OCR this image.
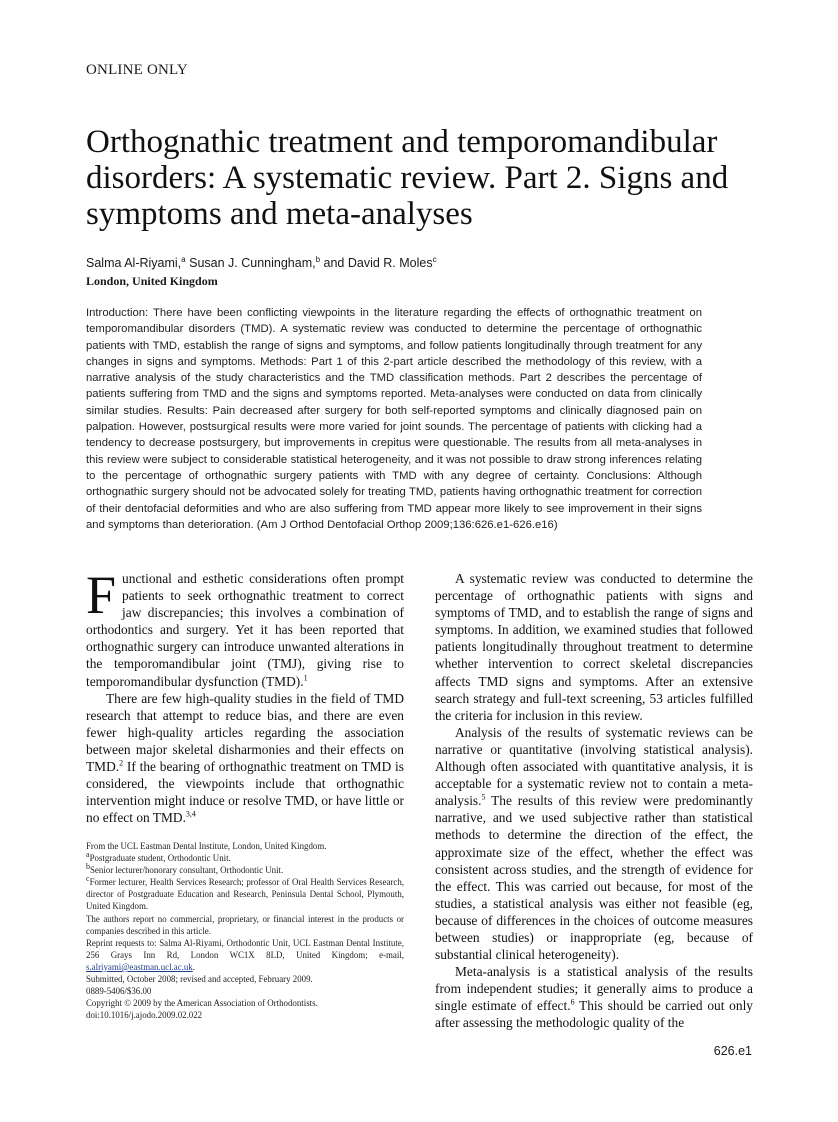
ONLINE ONLY
Orthognathic treatment and temporomandibular disorders: A systematic review. Part 2. Signs and symptoms and meta-analyses
Salma Al-Riyami,$^a$ Susan J. Cunningham,$^b$ and David R. Moles$^c$
London, United Kingdom

Introduction: There have been conflicting viewpoints in the literature regarding the effects of orthognathic treatment on temporomandibular disorders (TMD). A systematic review was conducted to determine the percentage of orthognathic patients with TMD, establish the range of signs and symptoms, and follow patients longitudinally through treatment for any changes in signs and symptoms. Methods: Part 1 of this 2-part article described the methodology of this review, with a narrative analysis of the study characteristics and the TMD classification methods. Part 2 describes the percentage of patients suffering from TMD and the signs and symptoms reported. Meta-analyses were conducted on data from clinically similar studies. Results: Pain decreased after surgery for both self-reported symptoms and clinically diagnosed pain on palpation. However, postsurgical results were more varied for joint sounds. The percentage of patients with clicking had a tendency to decrease postsurgery, but improvements in crepitus were questionable. The results from all meta-analyses in this review were subject to considerable statistical heterogeneity, and it was not possible to draw strong inferences relating to the percentage of orthognathic surgery patients with TMD with any degree of certainty. Conclusions: Although orthognathic surgery should not be advocated solely for treating TMD, patients having orthognathic treatment for correction of their dentofacial deformities and who are also suffering from TMD appear more likely to see improvement in their signs and symptoms than deterioration. (Am J Orthod Dentofacial Orthop 2009;136:626.e1-626.e16)

Functional and esthetic considerations often prompt patients to seek orthognathic treatment to correct jaw discrepancies; this involves a combination of orthodontics and surgery. Yet it has been reported that orthognathic surgery can introduce unwanted alterations in the temporomandibular joint (TMJ), giving rise to temporomandibular dysfunction (TMD).$^1$

There are few high-quality studies in the field of TMD research that attempt to reduce bias, and there are even fewer high-quality articles regarding the association between major skeletal disharmonies and their effects on TMD.$^2$ If the bearing of orthognathic treatment on TMD is considered, the viewpoints include that orthognathic intervention might induce or resolve TMD, or have little or no effect on TMD.$^{3,4}$

From the UCL Eastman Dental Institute, London, United Kingdom.
$^a$Postgraduate student, Orthodontic Unit.
$^b$Senior lecturer/honorary consultant, Orthodontic Unit.
$^c$Former lecturer, Health Services Research; professor of Oral Health Services Research, director of Postgraduate Education and Research, Peninsula Dental School, Plymouth, United Kingdom.
The authors report no commercial, proprietary, or financial interest in the products or companies described in this article.
Reprint requests to: Salma Al-Riyami, Orthodontic Unit, UCL Eastman Dental Institute, 256 Grays Inn Rd, London WC1X 8LD, United Kingdom; e-mail, s.alriyami@eastman.ucl.ac.uk.
Submitted, October 2008; revised and accepted, February 2009.
0889-5406/$36.00
Copyright © 2009 by the American Association of Orthodontists.
doi:10.1016/j.ajodo.2009.02.022

A systematic review was conducted to determine the percentage of orthognathic patients with signs and symptoms of TMD, and to establish the range of signs and symptoms. In addition, we examined studies that followed patients longitudinally throughout treatment to determine whether intervention to correct skeletal discrepancies affects TMD signs and symptoms. After an extensive search strategy and full-text screening, 53 articles fulfilled the criteria for inclusion in this review.

Analysis of the results of systematic reviews can be narrative or quantitative (involving statistical analysis). Although often associated with quantitative analysis, it is acceptable for a systematic review not to contain a meta-analysis.$^5$ The results of this review were predominantly narrative, and we used subjective rather than statistical methods to determine the direction of the effect, the approximate size of the effect, whether the effect was consistent across studies, and the strength of evidence for the effect. This was carried out because, for most of the studies, a statistical analysis was either not feasible (eg, because of differences in the choices of outcome measures between studies) or inappropriate (eg, because of substantial clinical heterogeneity).

Meta-analysis is a statistical analysis of the results from independent studies; it generally aims to produce a single estimate of effect.$^6$ This should be carried out only after assessing the methodologic quality of the

626.e1
